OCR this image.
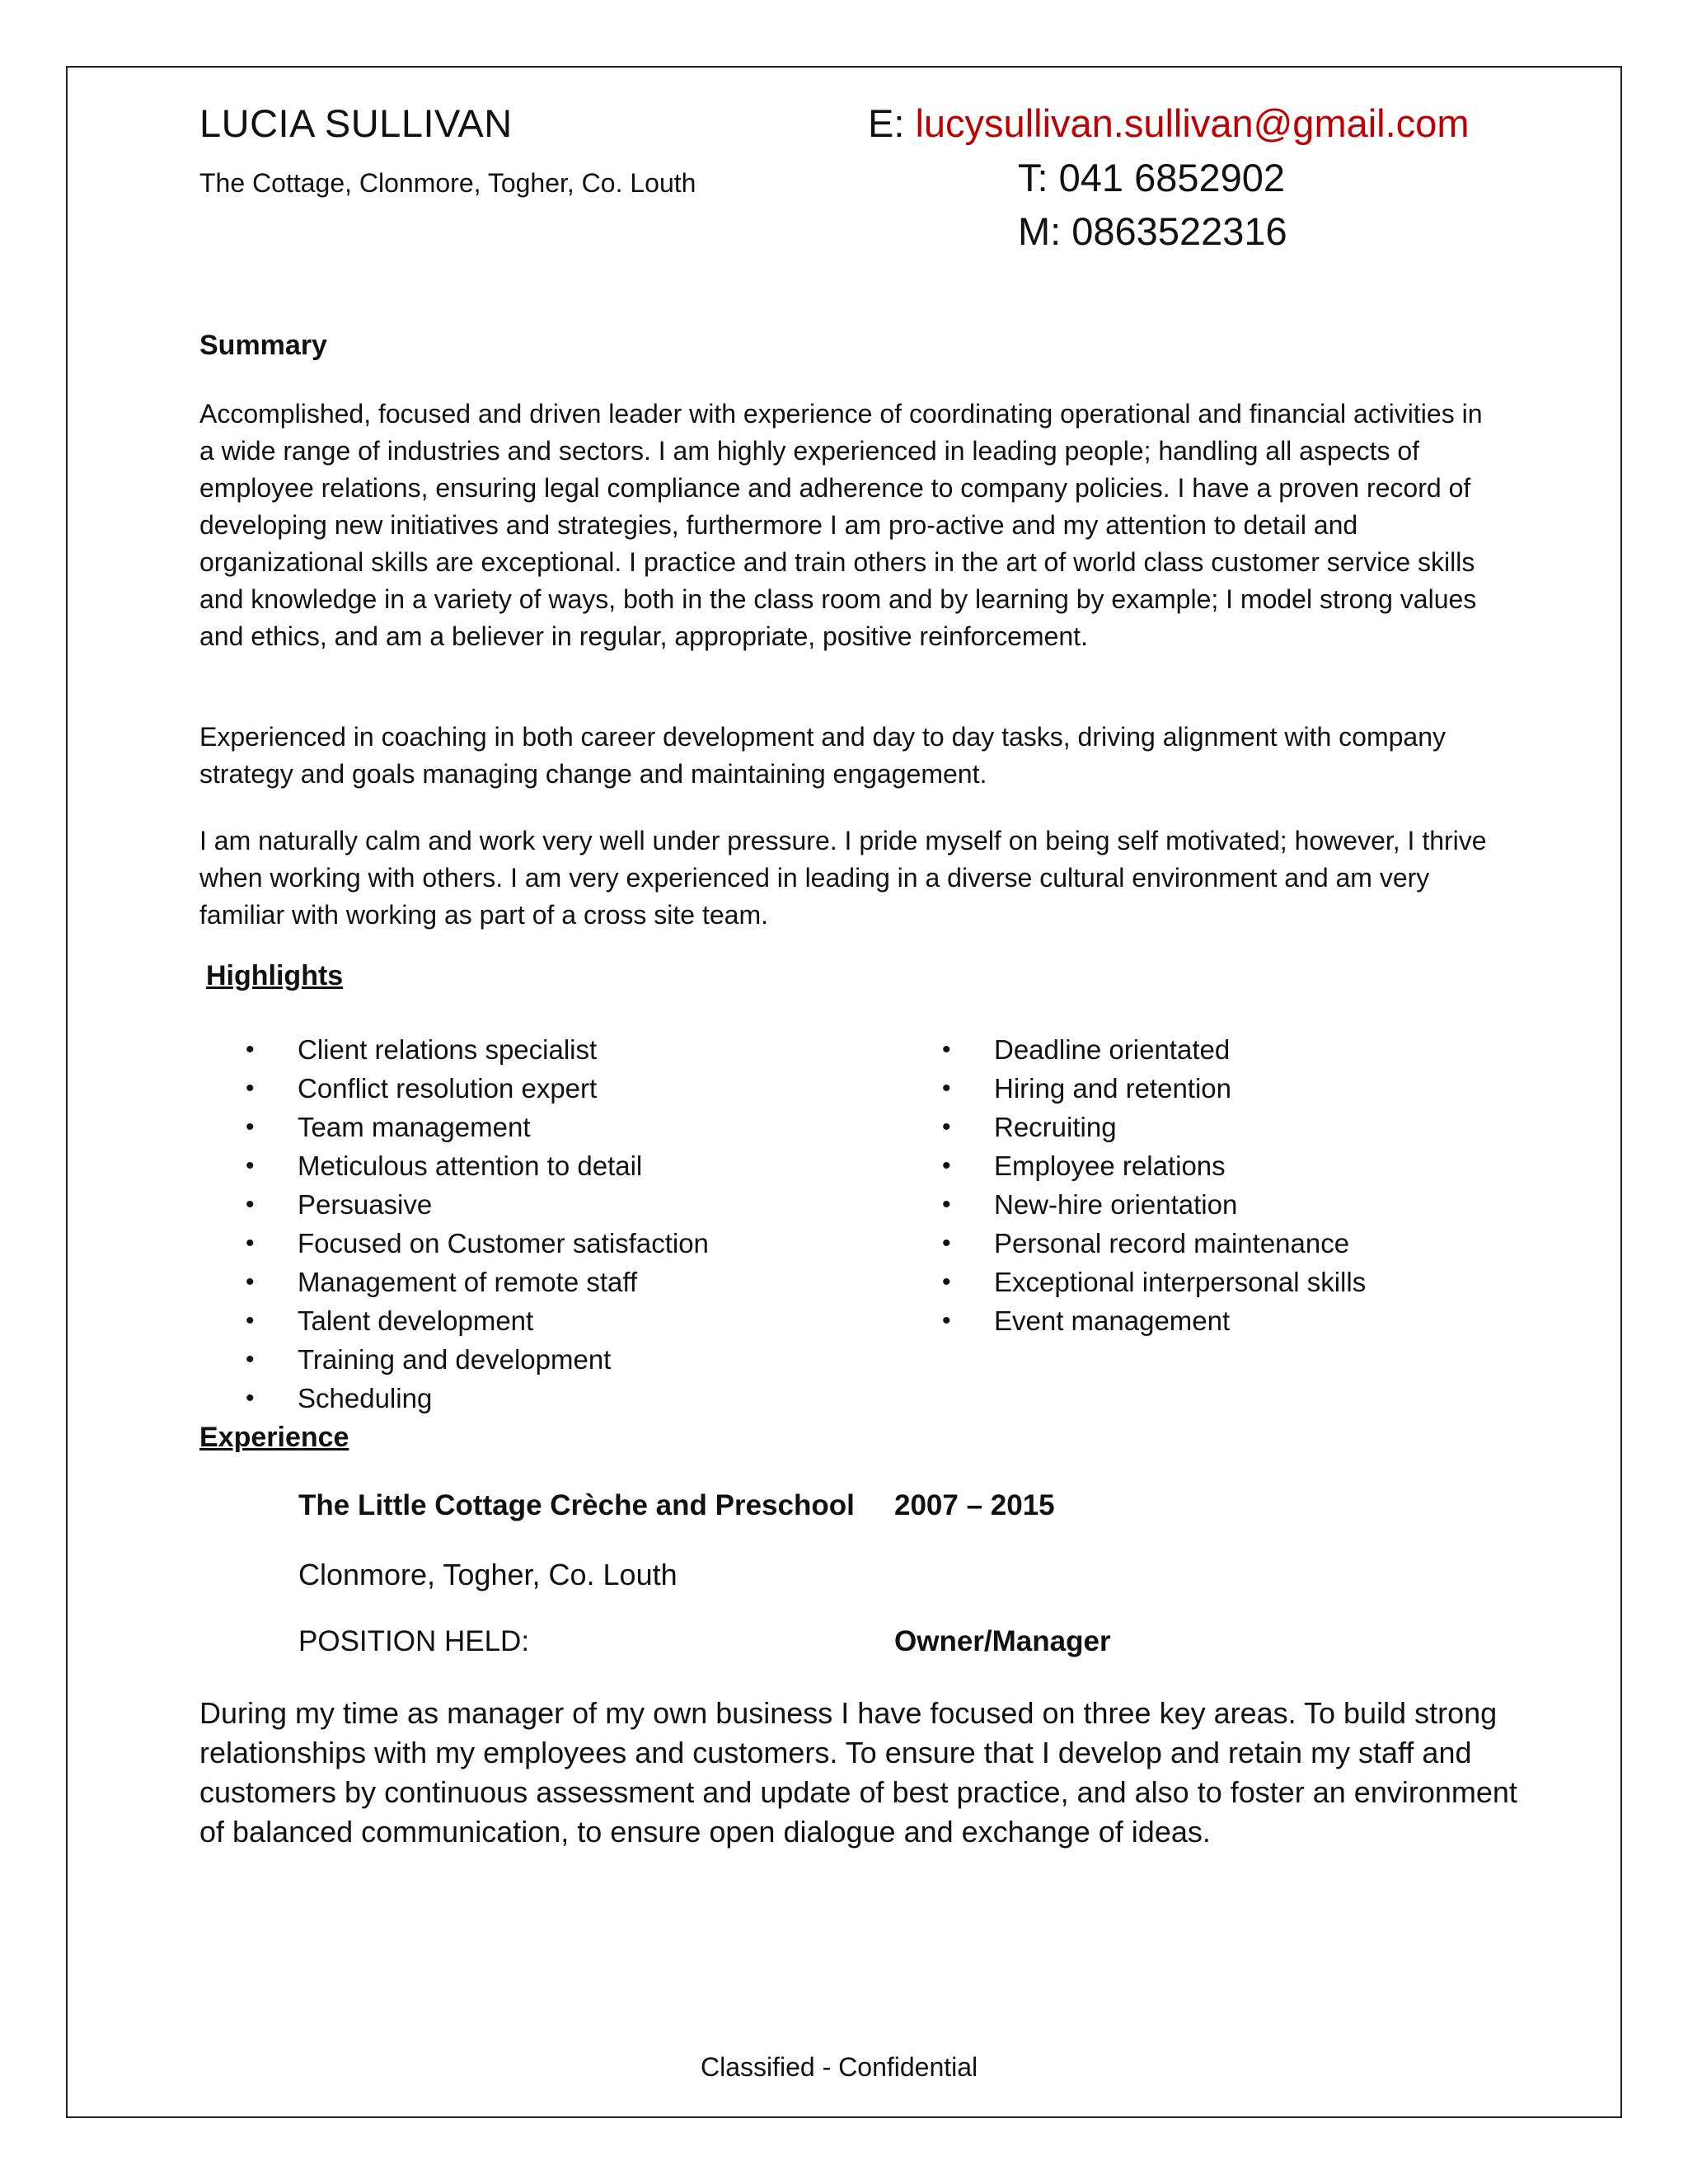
LUCIA SULLIVAN
The Cottage, Clonmore, Togher, Co. Louth
E: lucysullivan.sullivan@gmail.com
T: 041 6852902
M: 0863522316
Summary
Accomplished, focused and driven leader with experience of coordinating operational and financial activities in a wide range of industries and sectors. I am highly experienced in leading people; handling all aspects of employee relations, ensuring legal compliance and adherence to company policies. I have a proven record of developing new initiatives and strategies, furthermore I am pro-active and my attention to detail and organizational skills are exceptional. I practice and train others in the art of world class customer service skills and knowledge in a variety of ways, both in the class room and by learning by example; I model strong values and ethics, and am a believer in regular, appropriate, positive reinforcement.
Experienced in coaching in both career development and day to day tasks, driving alignment with company strategy and goals managing change and maintaining engagement.
I am naturally calm and work very well under pressure. I pride myself on being self motivated; however, I thrive when working with others. I am very experienced in leading in a diverse cultural environment and am very familiar with working as part of a cross site team.
Highlights
• Client relations specialist
• Conflict resolution expert
• Team management
• Meticulous attention to detail
• Persuasive
• Focused on Customer satisfaction
• Management of remote staff
• Talent development
• Training and development
• Scheduling
• Deadline orientated
• Hiring and retention
• Recruiting
• Employee relations
• New-hire orientation
• Personal record maintenance
• Exceptional interpersonal skills
• Event management
Experience
The Little Cottage Crèche and Preschool 2007 – 2015
Clonmore, Togher, Co. Louth
POSITION HELD:	Owner/Manager
During my time as manager of my own business I have focused on three key areas. To build strong relationships with my employees and customers. To ensure that I develop and retain my staff and customers by continuous assessment and update of best practice, and also to foster an environment of balanced communication, to ensure open dialogue and exchange of ideas.
Classified - Confidential
